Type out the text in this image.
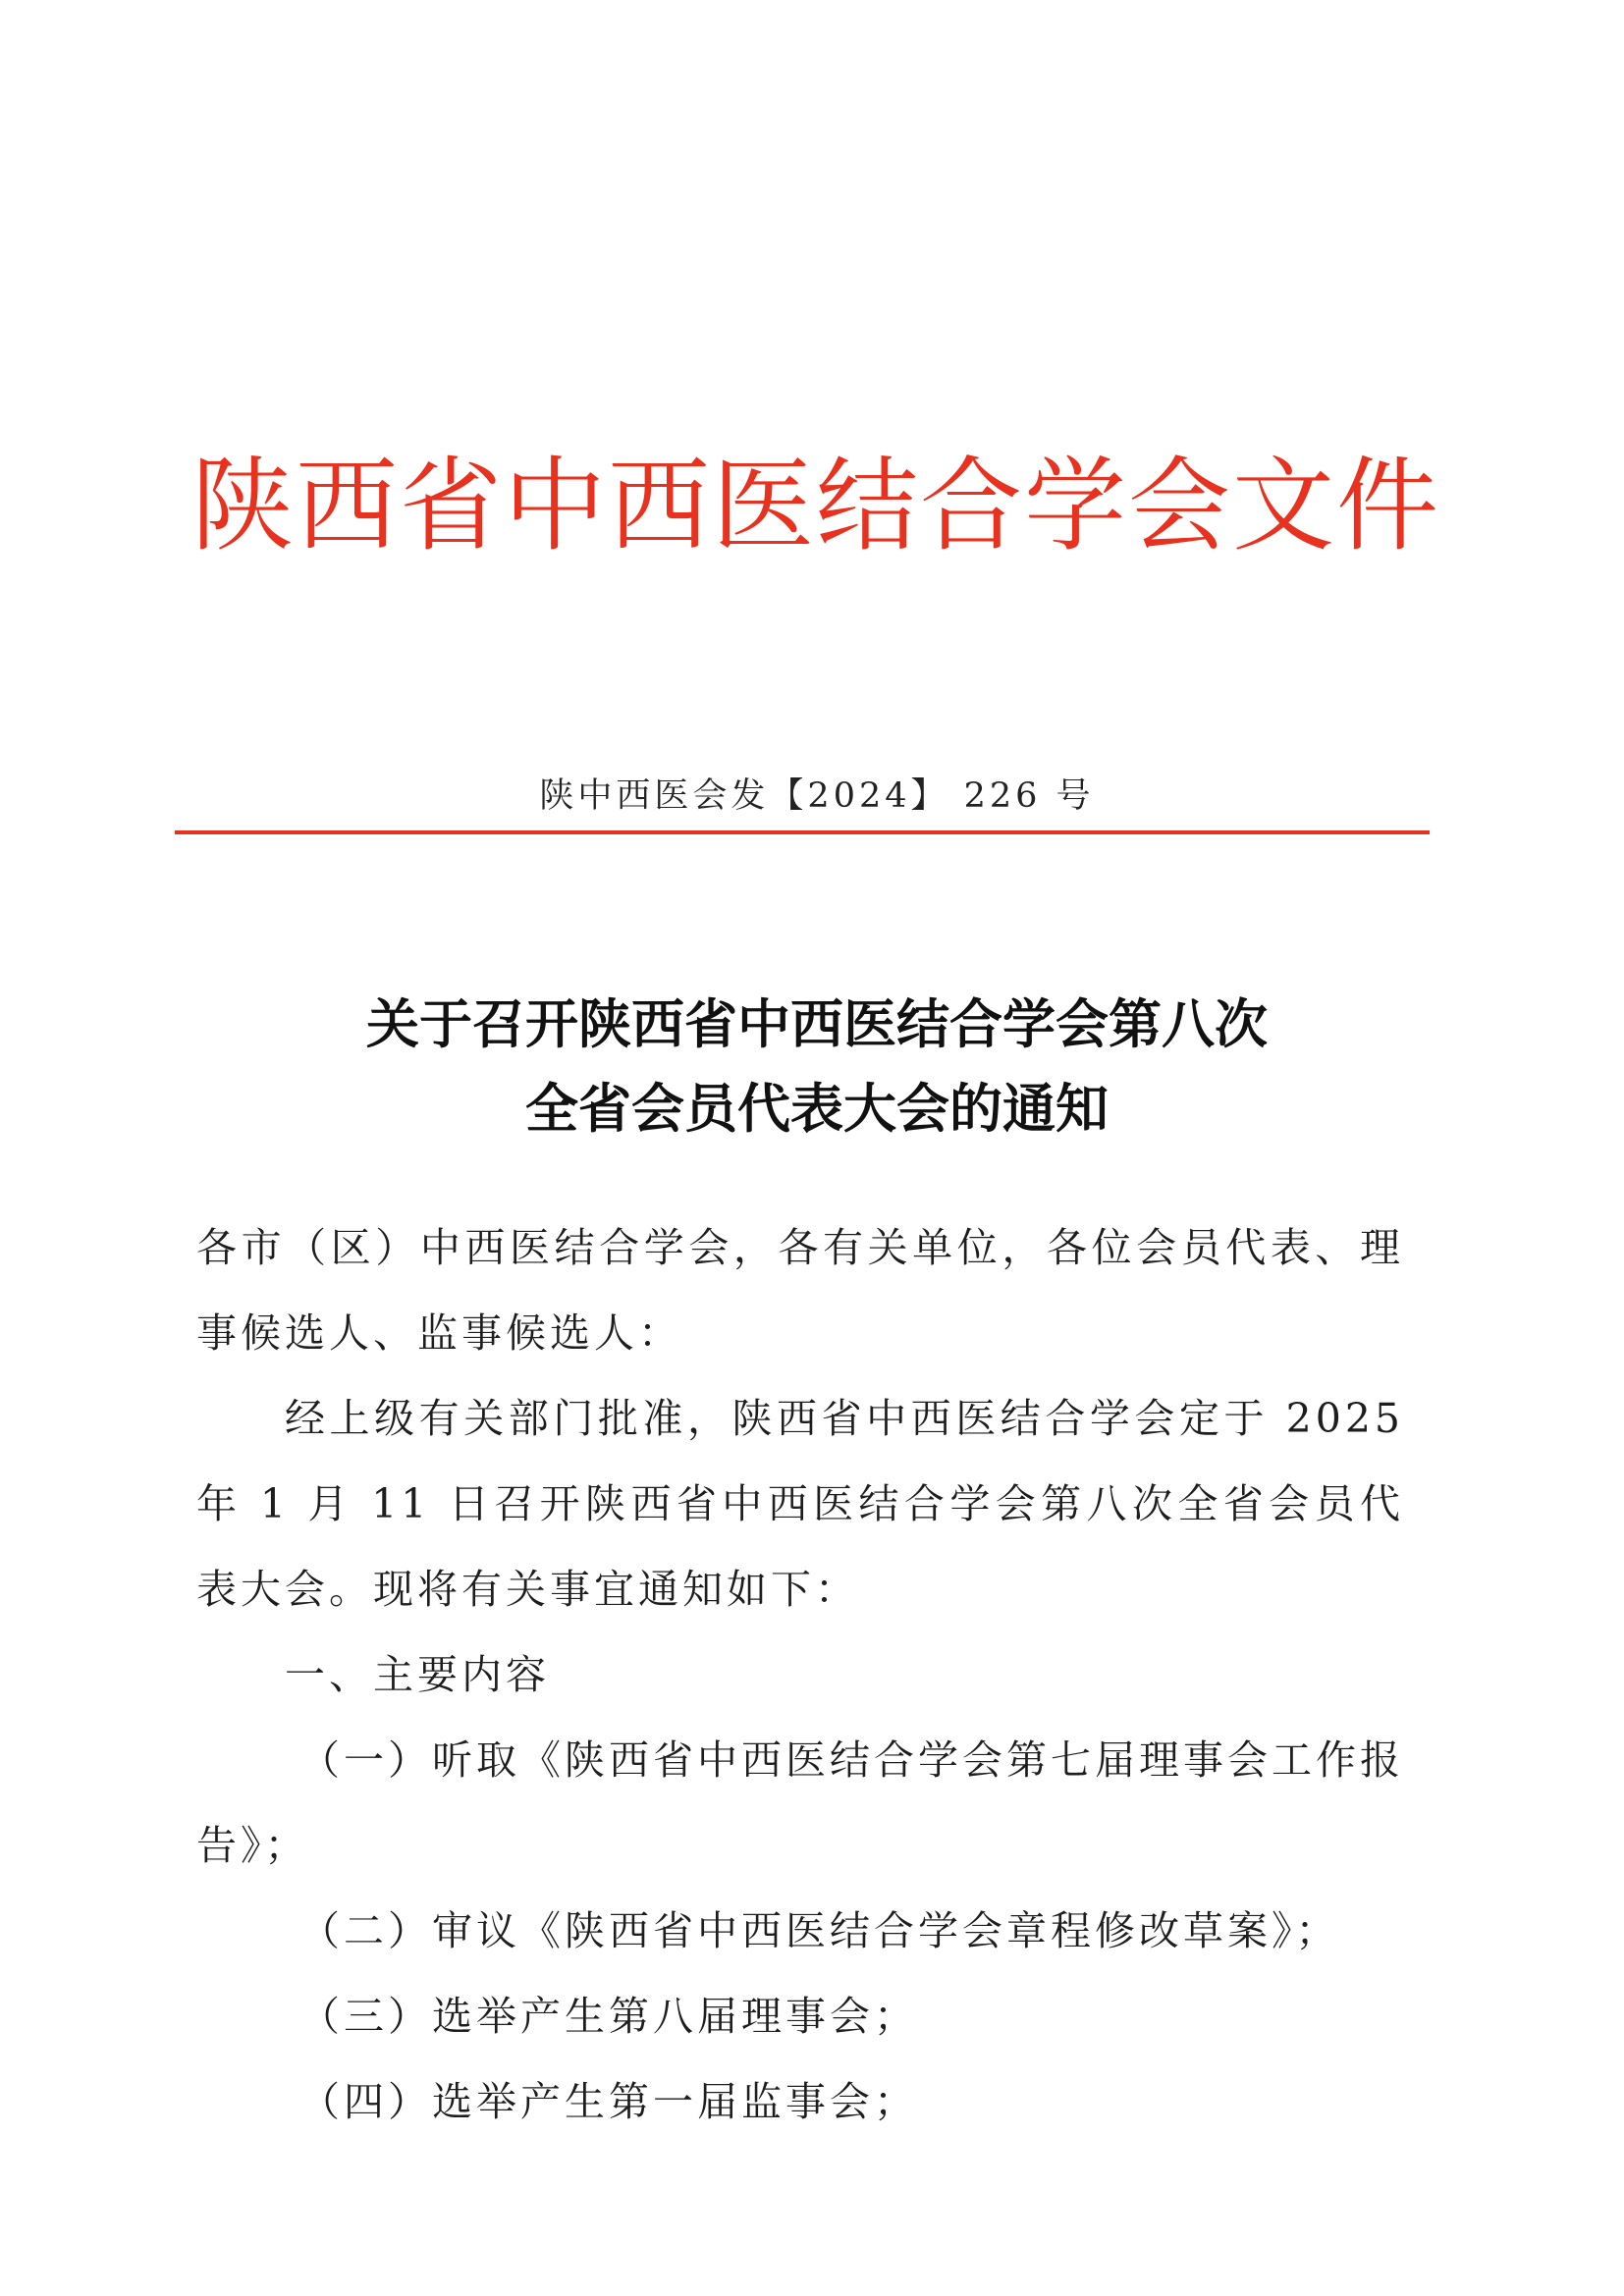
陕西省中西医结合学会文件
陕中西医会发【2024】 226 号
关于召开陕西省中西医结合学会第八次
全省会员代表大会的通知
各市（区）中西医结合学会，各有关单位，各位会员代表、理事候选人、监事候选人：
经上级有关部门批准，陕西省中西医结合学会定于 2025 年 1 月 11 日召开陕西省中西医结合学会第八次全省会员代表大会。现将有关事宜通知如下：
一、主要内容
（一）听取《陕西省中西医结合学会第七届理事会工作报告》；
（二）审议《陕西省中西医结合学会章程修改草案》；
（三）选举产生第八届理事会；
（四）选举产生第一届监事会；
